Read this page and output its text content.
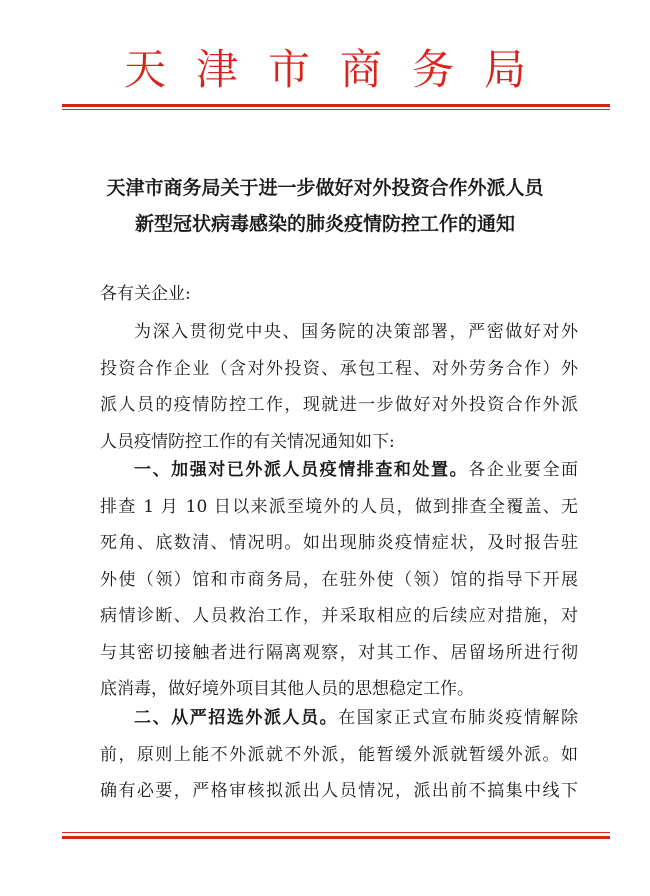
天津市商务局
天津市商务局关于进一步做好对外投资合作外派人员
新型冠状病毒感染的肺炎疫情防控工作的通知
各有关企业:
为深入贯彻党中央、国务院的决策部署，严密做好对外
投资合作企业（含对外投资、承包工程、对外劳务合作）外
派人员的疫情防控工作，现就进一步做好对外投资合作外派
人员疫情防控工作的有关情况通知如下:
一、加强对已外派人员疫情排查和处置。各企业要全面
排查 1 月 10 日以来派至境外的人员，做到排查全覆盖、无
死角、底数清、情况明。如出现肺炎疫情症状，及时报告驻
外使（领）馆和市商务局，在驻外使（领）馆的指导下开展
病情诊断、人员救治工作，并采取相应的后续应对措施，对
与其密切接触者进行隔离观察，对其工作、居留场所进行彻
底消毒，做好境外项目其他人员的思想稳定工作。
二、从严招选外派人员。在国家正式宣布肺炎疫情解除
前，原则上能不外派就不外派，能暂缓外派就暂缓外派。如
确有必要，严格审核拟派出人员情况，派出前不搞集中线下
